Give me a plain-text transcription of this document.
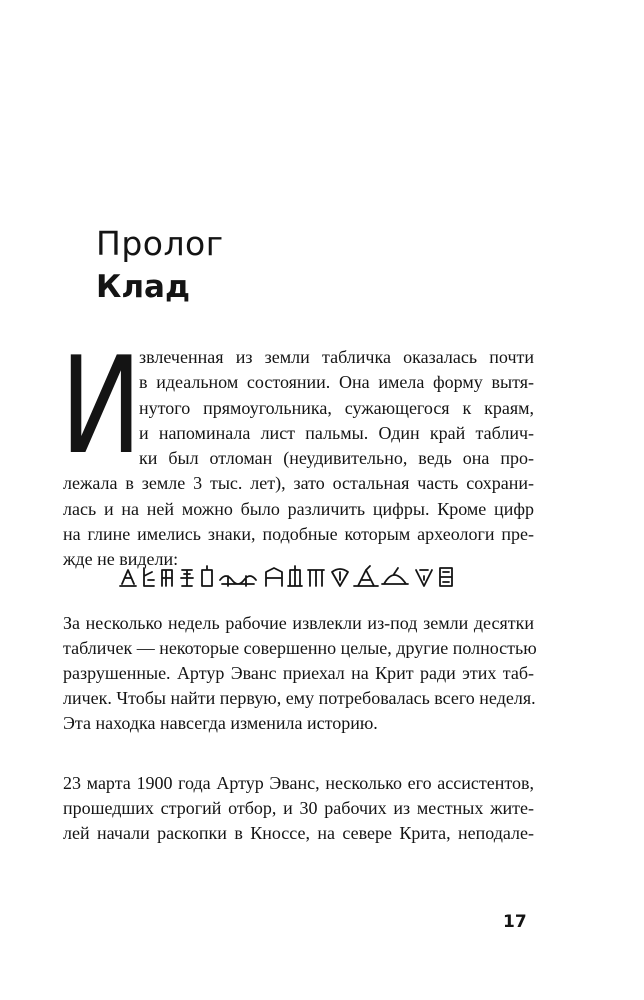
Пролог
Клад
И
звлеченная из земли табличка оказалась почти
в идеальном состоянии. Она имела форму вытя-
нутого прямоугольника, сужающегося к краям,
и напоминала лист пальмы. Один край таблич-
ки был отломан (неудивительно, ведь она про-
лежала в земле 3 тыс. лет), зато остальная часть сохрани-
лась и на ней можно было различить цифры. Кроме цифр
на глине имелись знаки, подобные которым археологи пре-
жде не видели:
За несколько недель рабочие извлекли из-под земли десятки
табличек — некоторые совершенно целые, другие полностью
разрушенные. Артур Эванс приехал на Крит ради этих таб-
личек. Чтобы найти первую, ему потребовалась всего неделя.
Эта находка навсегда изменила историю.
23 марта 1900 года Артур Эванс, несколько его ассистентов,
прошедших строгий отбор, и 30 рабочих из местных жите-
лей начали раскопки в Кноссе, на севере Крита, неподале-
17
